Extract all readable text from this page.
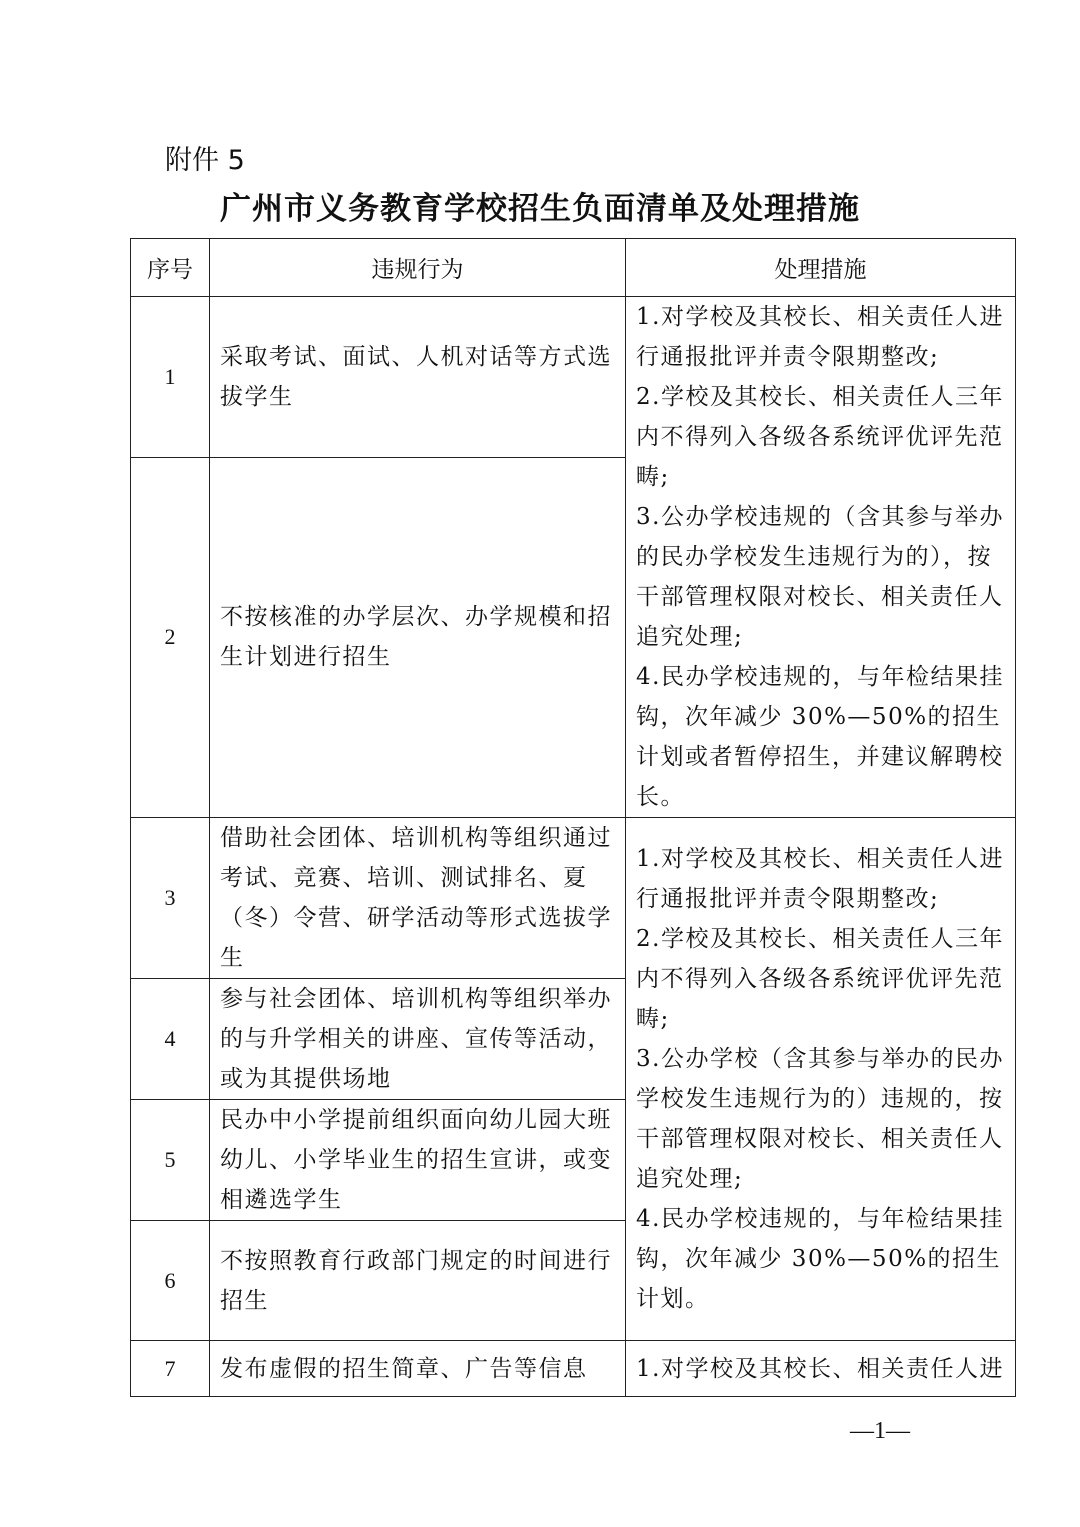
附件 5
广州市义务教育学校招生负面清单及处理措施
序号	违规行为	处理措施
1	采取考试、面试、人机对话等方式选拔学生	1.对学校及其校长、相关责任人进行通报批评并责令限期整改;
2.学校及其校长、相关责任人三年内不得列入各级各系统评优评先范畴;
3.公办学校违规的（含其参与举办的民办学校发生违规行为的），按干部管理权限对校长、相关责任人追究处理;
4.民办学校违规的，与年检结果挂钩，次年减少 30%—50%的招生计划或者暂停招生，并建议解聘校长。

2	不按核准的办学层次、办学规模和招生计划进行招生	

3	借助社会团体、培训机构等组织通过考试、竞赛、培训、测试排名、夏（冬）令营、研学活动等形式选拔学生	1.对学校及其校长、相关责任人进行通报批评并责令限期整改;
2.学校及其校长、相关责任人三年内不得列入各级各系统评优评先范畴;
3.公办学校（含其参与举办的民办学校发生违规行为的）违规的，按干部管理权限对校长、相关责任人追究处理;
4.民办学校违规的，与年检结果挂钩，次年减少 30%—50%的招生计划。

4	参与社会团体、培训机构等组织举办的与升学相关的讲座、宣传等活动，或为其提供场地	

5	民办中小学提前组织面向幼儿园大班幼儿、小学毕业生的招生宣讲，或变相遴选学生	

6	不按照教育行政部门规定的时间进行招生	

7	发布虚假的招生简章、广告等信息	1.对学校及其校长、相关责任人进
—1—
